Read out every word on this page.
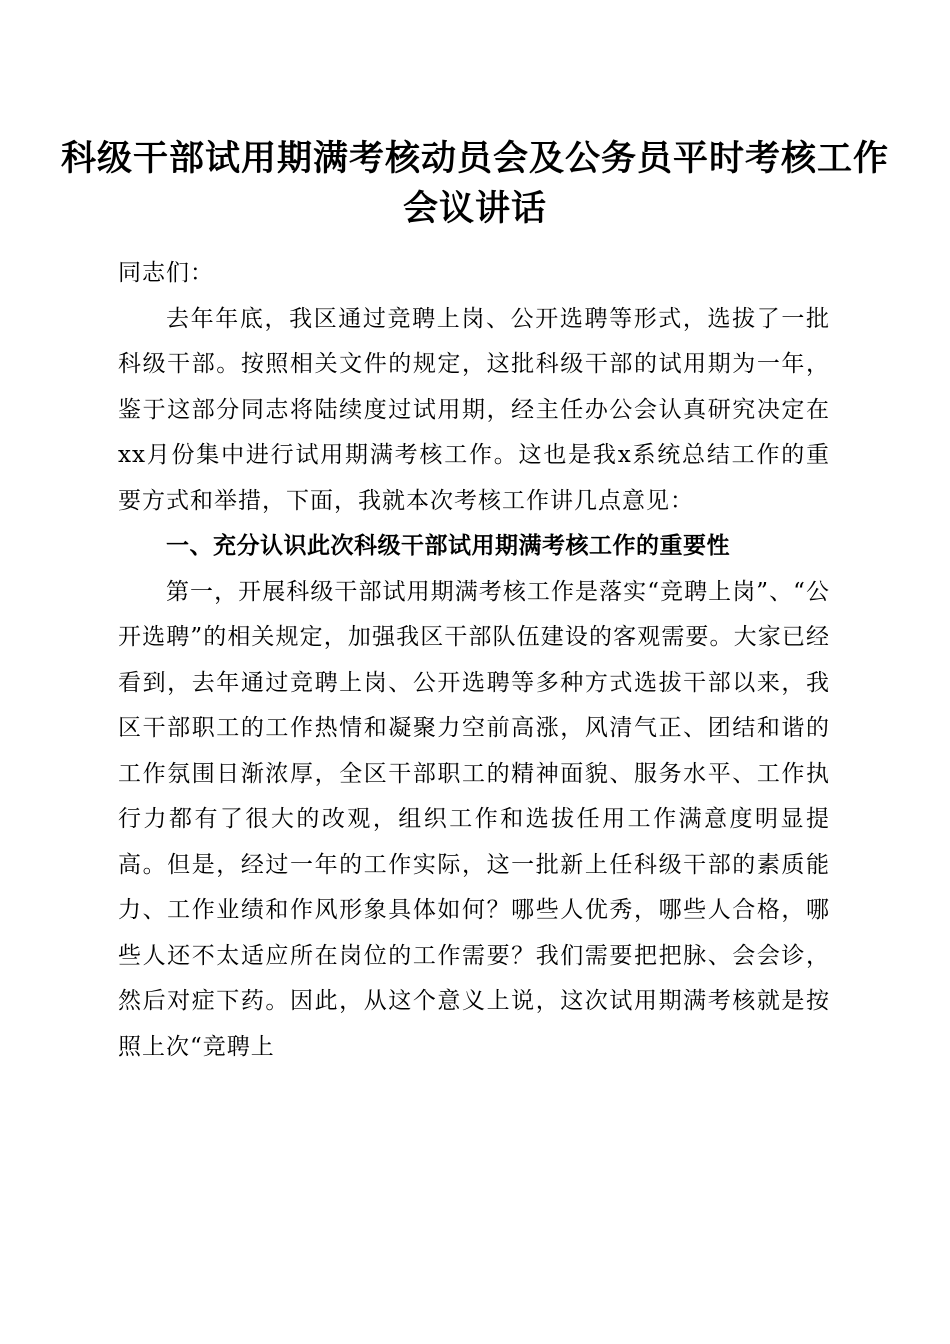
科级干部试用期满考核动员会及公务员平时考核工作会议讲话

同志们：

去年年底，我区通过竞聘上岗、公开选聘等形式，选拔了一批科级干部。按照相关文件的规定，这批科级干部的试用期为一年，鉴于这部分同志将陆续度过试用期，经主任办公会认真研究决定在xx月份集中进行试用期满考核工作。这也是我x系统总结工作的重要方式和举措，下面，我就本次考核工作讲几点意见：

一、充分认识此次科级干部试用期满考核工作的重要性

第一，开展科级干部试用期满考核工作是落实“竞聘上岗”、“公开选聘”的相关规定，加强我区干部队伍建设的客观需要。大家已经看到，去年通过竞聘上岗、公开选聘等多种方式选拔干部以来，我区干部职工的工作热情和凝聚力空前高涨，风清气正、团结和谐的工作氛围日渐浓厚，全区干部职工的精神面貌、服务水平、工作执行力都有了很大的改观，组织工作和选拔任用工作满意度明显提高。但是，经过一年的工作实际，这一批新上任科级干部的素质能力、工作业绩和作风形象具体如何？哪些人优秀，哪些人合格，哪些人还不太适应所在岗位的工作需要？我们需要把把脉、会会诊，然后对症下药。因此，从这个意义上说，这次试用期满考核就是按照上次“竞聘上
